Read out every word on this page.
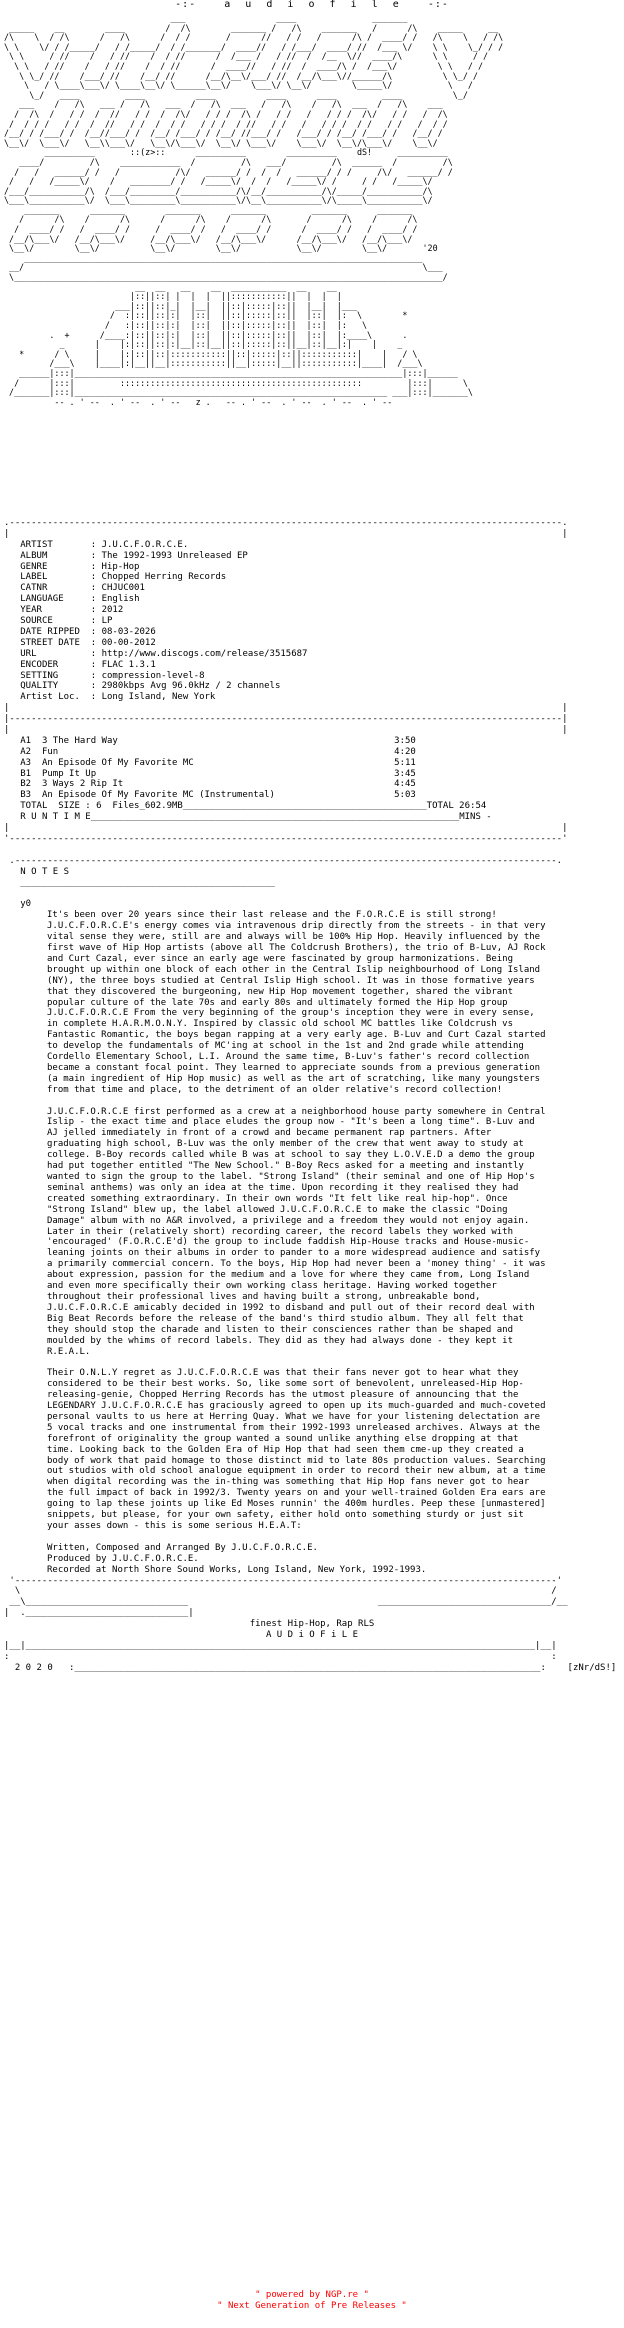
-:-    a  u  d  i  o  f  i  l  e    -:-
___                  ____               _______
_____    __        ____        /  /\        _______ /   /\    _______   /      /\    _____     __
/\    \  / /\      /   /\      /  / /       /      //   / /   /      /\ /  ____/ /   /\    \   / /\
\ \    \/ / /_____/   / /_____/  / /_______/  ____//   / /___/  ____/ //  /___ \/    \ \    \_/ / /
\ \     / //    /   / //    /  / //      /  /___ /   / //  /  /__  \//  ____/\      \ \     / /
\ \   / //    /   / //    /  / //      /  ____//   / //  /  ____/\ /  /___\/        \ \   / /
\ \_/ //    /___/ //    /__/ //      /__/\__\/___/ //  /__/\___\//______/\          \ \_/ /
\   / \____\___\/ \____\__\/ \______\__\/    \___\/ \__\/        \_____\/           \   /
\_/   ____         ____          ____          ____      ____         ____          \_/
___    /   /\   ___ /   /\   ___  /   /\  ___   /   /\    /   /\  ___  /   /\    ___
/  /\  /   / /  /  //   / /  /  /\/   / / /  /\ /   / /   /   / / /  /\/   / /   /  /\
/  / / /   / /  /  //   / /  /  / /   / / /  / //   / /   /   / / /  / /   / /   /  / /
/__/ / /___/ /  /__//___/ /  /__/ /___/ / /__/ //___/ /   /___/ / /__/ /___/ /   /__/ /
\__\/  \___\/   \__\\___\/   \__\/\___\/  \__\/ \___\/    \___\/  \__\/\___\/    \__\/
__________       ::(z>::      __________        __________    dS!     __________
____/         /\    ____________  /         /\   ___/         /\  ______  /         /\
/   /   ______/ /   /           /\/   ______/ /  /  /   ______/ / /     /\/   ______/ /
/   /   /_____\/    /   ________/ /   /_____\/  /  /   /_____\/ /     / /   /_____\/
/___/___________/\  /___/_________/___________/\/__/___________/\/_____/___________/\
\___\___________\/  \___\_________\___________\/\__\___________\/\_____\___________\/
_______      _______        _______      _______         _______      _______
/      /\    /      /\      /      /\    /      /\       /      /\    /      /\
/  ____/ /   /  ____/ /     /  ____/ /   /  ____/ /      /  ____/ /   /  ____/ /
/__/\___\/   /__/\___\/     /__/\___\/   /__/\___\/      /__/\___\/   /__/\___\/
\__\/        \__\/          \__\/        \__\/           \__\/        \__\/       '20
_______________________________________________________________________________
__/                                                                               \___
\_____________________________________________________________________________________/
__  __   __    __  ___________  __    __
|::||::| |  |  |  ||:::::::::::||  |  |  |
___|::||::|_|  |__|  ||::|:::::|::||  |__|  |___
/  :|::||::|:|  |::|  ||::|:::::|::||  |::|  |:  \        *
/   :|::||::|:|  |::|  ||::|:::::|::||  |::|  |:   \
.  +      /____:|::||::|:|  |::|  ||::|:::::|::||  |::|  |:____\      .
_      |    |:|::||::|:|__|::|__||::|:::::|::||__|::|__|:|    |    _
*      / \     |    |:|::||::|:::::::::::||::|:::::|::||:::::::::::|    |   / \
/___\    |____|:|__||__|:::::::::::||__|:::::|__||:::::::::::|____|  /___\
______|:::|_________________________________________________________________|:::|______
/      |:::|         ::::::::::::::::::::::::::::::::::::::::::::::::         |:::|      \
/_______|:::|______________________________________________________________ ___|:::|_______\
-- . ' --  . ' --  . ' --   z .   -- . ' --  . ' --  . ' --  . ' --
.------------------------------------------------------------------------------------------------------.
|                                                                                                      |
ARTIST       : J.U.C.F.O.R.C.E.
ALBUM        : The 1992-1993 Unreleased EP
GENRE        : Hip-Hop
LABEL        : Chopped Herring Records
CATNR        : CHJUC001
LANGUAGE     : English
YEAR         : 2012
SOURCE       : LP
DATE RIPPED  : 08-03-2026
STREET DATE  : 00-00-2012
URL          : http://www.discogs.com/release/3515687
ENCODER      : FLAC 1.3.1
SETTING      : compression-level-8
QUALITY      : 2980kbps Avg 96.0kHz / 2 channels
Artist Loc.  : Long Island, New York
|                                                                                                      |
|------------------------------------------------------------------------------------------------------|
|                                                                                                      |
A1 3 The Hard Way	3:50
A2 Fun	4:20
A3 An Episode Of My Favorite MC	5:11
B1 Pump It Up	3:45
B2 3 Ways 2 Rip It	4:45
B3 An Episode Of My Favorite MC (Instrumental)	5:03
TOTAL  SIZE : 6  Files_602.9MB_____________________________________________TOTAL 26:54
R U N T I M E____________________________________________________________________MINS -
|                                                                                                      |
'------------------------------------------------------------------------------------------------------'

.----------------------------------------------------------------------------------------------------.
N O T E S
_______________________________________________

y0

It's been over 20 years since their last release and the F.O.R.C.E is still strong! J.U.C.F.O.R.C.E's energy comes via intravenous drip directly from the streets - in that very vital sense they were, still are and always will be 100% Hip Hop. Heavily influenced by the first wave of Hip Hop artists (above all The Coldcrush Brothers), the trio of B-Luv, AJ Rock and Curt Cazal, ever since an early age were fascinated by group harmonizations. Being brought up within one block of each other in the Central Islip neighbourhood of Long Island (NY), the three boys studied at Central Islip High school. It was in those formative years that they discovered the burgeoning, new Hip Hop movement together, shared the vibrant popular culture of the late 70s and early 80s and ultimately formed the Hip Hop group J.U.C.F.O.R.C.E From the very beginning of the group's inception they were in every sense, in complete H.A.R.M.O.N.Y. Inspired by classic old school MC battles like Coldcrush vs Fantastic Romantic, the boys began rapping at a very early age. B-Luv and Curt Cazal started to develop the fundamentals of MC'ing at school in the 1st and 2nd grade while attending Cordello Elementary School, L.I. Around the same time, B-Luv's father's record collection became a constant focal point. They learned to appreciate sounds from a previous generation (a main ingredient of Hip Hop music) as well as the art of scratching, like many youngsters from that time and place, to the detriment of an older relative's record collection!

J.U.C.F.O.R.C.E first performed as a crew at a neighborhood house party somewhere in Central Islip - the exact time and place eludes the group now - "It's been a long time". B-Luv and AJ jelled immediately in front of a crowd and became permanent rap partners. After graduating high school, B-Luv was the only member of the crew that went away to study at college. B-Boy records called while B was at school to say they L.O.V.E.D a demo the group had put together entitled "The New School." B-Boy Recs asked for a meeting and instantly wanted to sign the group to the label. "Strong Island" (their seminal and one of Hip Hop's seminal anthems) was only an idea at the time. Upon recording it they realised they had created something extraordinary. In their own words "It felt like real hip-hop". Once "Strong Island" blew up, the label allowed J.U.C.F.O.R.C.E to make the classic "Doing Damage" album with no A&R involved, a privilege and a freedom they would not enjoy again. Later in their (relatively short) recording career, the record labels they worked with 'encouraged' (F.O.R.C.E'd) the group to include faddish Hip-House tracks and House-music-leaning joints on their albums in order to pander to a more widespread audience and satisfy a primarily commercial concern. To the boys, Hip Hop had never been a 'money thing' - it was about expression, passion for the medium and a love for where they came from, Long Island and even more specifically their own working class heritage. Having worked together throughout their professional lives and having built a strong, unbreakable bond, J.U.C.F.O.R.C.E amicably decided in 1992 to disband and pull out of their record deal with Big Beat Records before the release of the band's third studio album. They all felt that they should stop the charade and listen to their consciences rather than be shaped and moulded by the whims of record labels. They did as they had always done - they kept it R.E.A.L.

Their O.N.L.Y regret as J.U.C.F.O.R.C.E was that their fans never got to hear what they considered to be their best works. So, like some sort of benevolent, unreleased-Hip Hop-releasing-genie, Chopped Herring Records has the utmost pleasure of announcing that the LEGENDARY J.U.C.F.O.R.C.E has graciously agreed to open up its much-guarded and much-coveted personal vaults to us here at Herring Quay. What we have for your listening delectation are 5 vocal tracks and one instrumental from their 1992-1993 unreleased archives. Always at the forefront of originality the group wanted a sound unlike anything else dropping at that time. Looking back to the Golden Era of Hip Hop that had seen them cme-up they created a body of work that paid homage to those distinct mid to late 80s production values. Searching out studios with old school analogue equipment in order to record their new album, at a time when digital recording was the in-thing was something that Hip Hop fans never got to hear the full impact of back in 1992/3. Twenty years on and your well-trained Golden Era ears are going to lap these joints up like Ed Moses runnin' the 400m hurdles. Peep these [unmastered] snippets, but please, for your own safety, either hold onto something sturdy or just sit your asses down - this is some serious H.E.A.T:

Written, Composed and Arranged By J.U.C.F.O.R.C.E.

Produced by J.U.C.F.O.R.C.E.

Recorded at North Shore Sound Works, Long Island, New York, 1992-1993.

'----------------------------------------------------------------------------------------------------'
\                                                                                                  /
__\______________________________                                   ________________________________/__
|  .______________________________|
finest Hip-Hop, Rap RLS
A U D i O F i L E
|__|______________________________________________________________________________________________|__|
:                                                                                                    :
2 0 2 0   :______________________________________________________________________________________:    [zNr/dS!]
" powered by NGP.re "
" Next Generation of Pre Releases "
